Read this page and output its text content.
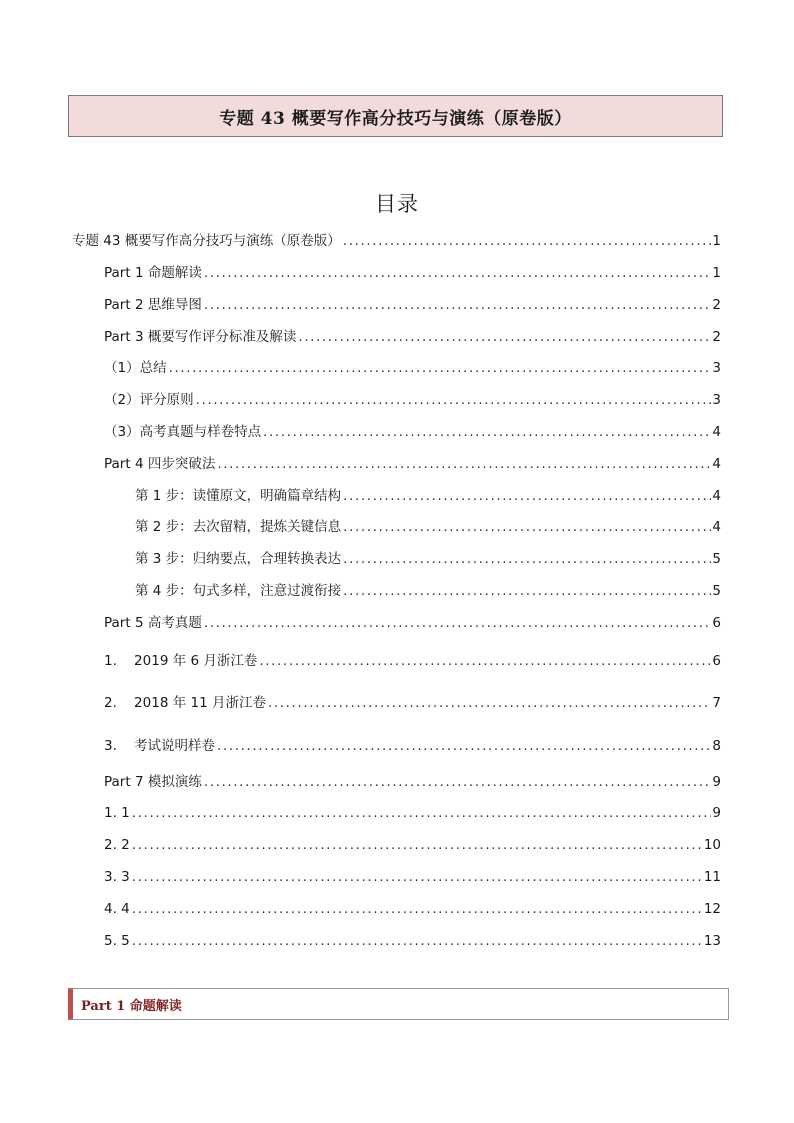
专题 43 概要写作高分技巧与演练（原卷版）
目录
专题 43 概要写作高分技巧与演练（原卷版） .....	1
Part 1 命题解读 .....	1
Part 2 思维导图 .....	2
Part 3 概要写作评分标准及解读 .....	2
（1）总结 .....	3
（2）评分原则 .....	3
（3）高考真题与样卷特点 .....	4
Part 4 四步突破法 .....	4
第 1 步：读懂原文，明确篇章结构 .....	4
第 2 步：去次留精，提炼关键信息 .....	4
第 3 步：归纳要点，合理转换表达 .....	5
第 4 步：句式多样，注意过渡衔接 .....	5
Part 5 高考真题 .....	6
1.    2019 年 6 月浙江卷 .....	6
2.    2018 年 11 月浙江卷 .....	7
3.    考试说明样卷 .....	8
Part 7 模拟演练 .....	9
1. 1 .....	9
2. 2 .....	10
3. 3 .....	11
4. 4 .....	12
5. 5 .....	13
Part 1 命题解读
